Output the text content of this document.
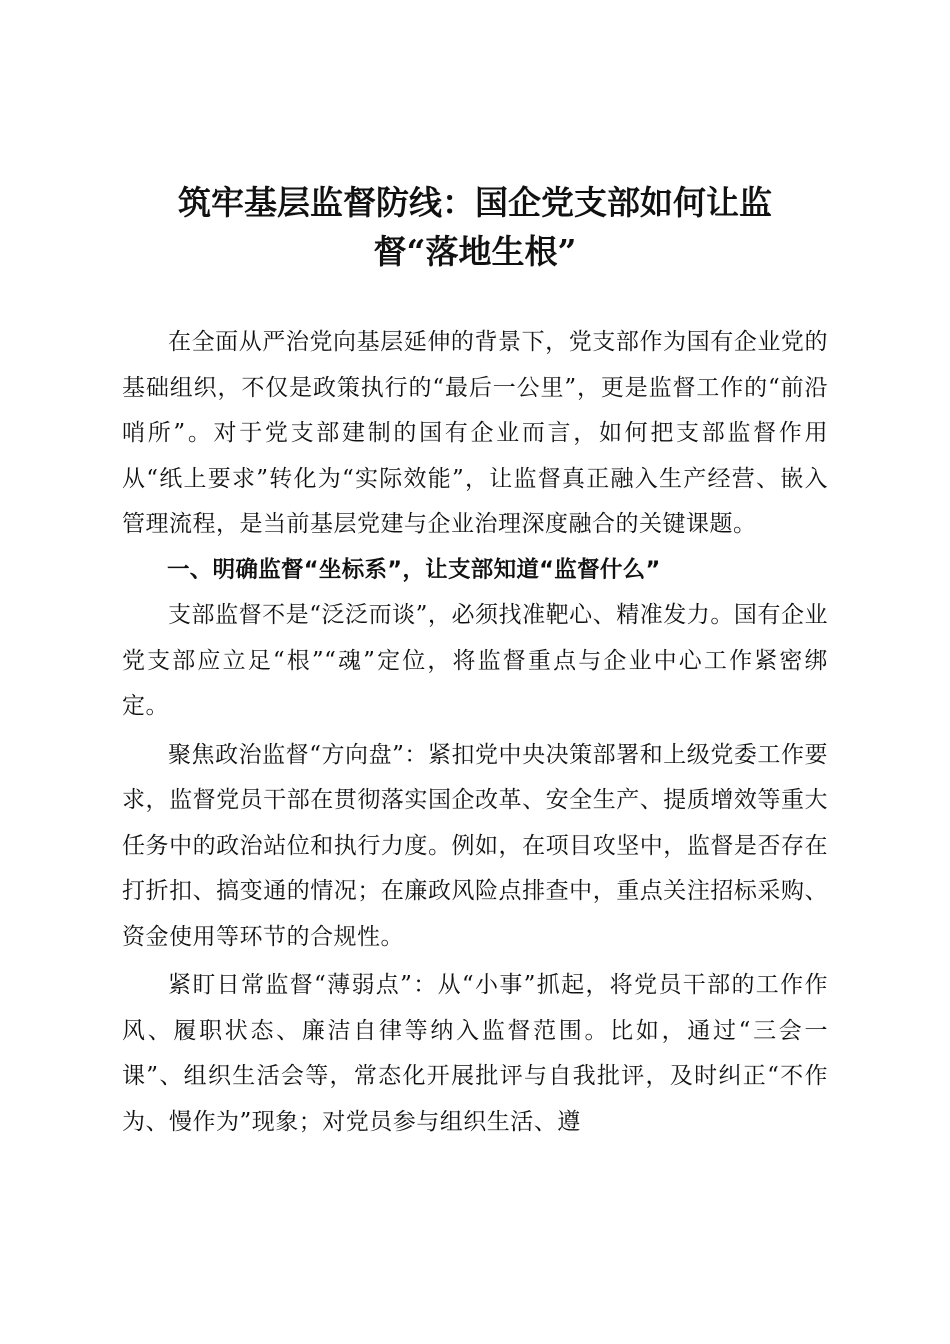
筑牢基层监督防线：国企党支部如何让监
督“落地生根”

在全面从严治党向基层延伸的背景下，党支部作为国有企业党的基础组织，不仅是政策执行的“最后一公里”，更是监督工作的“前沿哨所”。对于党支部建制的国有企业而言，如何把支部监督作用从“纸上要求”转化为“实际效能”，让监督真正融入生产经营、嵌入管理流程，是当前基层党建与企业治理深度融合的关键课题。

一、明确监督“坐标系”，让支部知道“监督什么”

支部监督不是“泛泛而谈”，必须找准靶心、精准发力。国有企业党支部应立足“根”“魂”定位，将监督重点与企业中心工作紧密绑定。

聚焦政治监督“方向盘”：紧扣党中央决策部署和上级党委工作要求，监督党员干部在贯彻落实国企改革、安全生产、提质增效等重大任务中的政治站位和执行力度。例如，在项目攻坚中，监督是否存在打折扣、搞变通的情况；在廉政风险点排查中，重点关注招标采购、资金使用等环节的合规性。

紧盯日常监督“薄弱点”：从“小事”抓起，将党员干部的工作作风、履职状态、廉洁自律等纳入监督范围。比如，通过“三会一课”、组织生活会等，常态化开展批评与自我批评，及时纠正“不作为、慢作为”现象；对党员参与组织生活、遵
